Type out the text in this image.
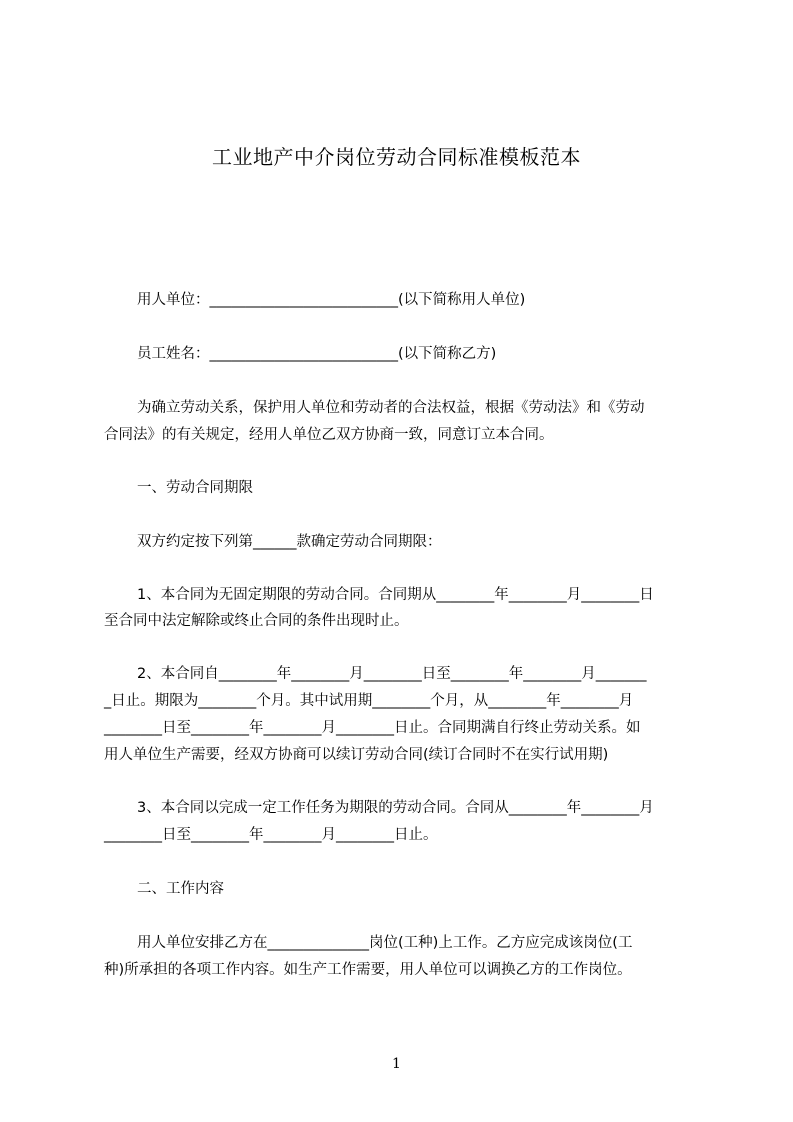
工业地产中介岗位劳动合同标准模板范本
用人单位：__________________________(以下简称用人单位)
员工姓名：__________________________(以下简称乙方)
为确立劳动关系，保护用人单位和劳动者的合法权益，根据《劳动法》和《劳动
合同法》的有关规定，经用人单位乙双方协商一致，同意订立本合同。
一、劳动合同期限
双方约定按下列第______款确定劳动合同期限：
1、本合同为无固定期限的劳动合同。合同期从________年________月________日
至合同中法定解除或终止合同的条件出现时止。
2、本合同自________年________月________日至________年________月_______
_日止。期限为________个月。其中试用期________个月，从________年________月
________日至________年________月________日止。合同期满自行终止劳动关系。如
用人单位生产需要，经双方协商可以续订劳动合同(续订合同时不在实行试用期)
3、本合同以完成一定工作任务为期限的劳动合同。合同从________年________月
________日至________年________月________日止。
二、工作内容
用人单位安排乙方在______________岗位(工种)上工作。乙方应完成该岗位(工
种)所承担的各项工作内容。如生产工作需要，用人单位可以调换乙方的工作岗位。
1
